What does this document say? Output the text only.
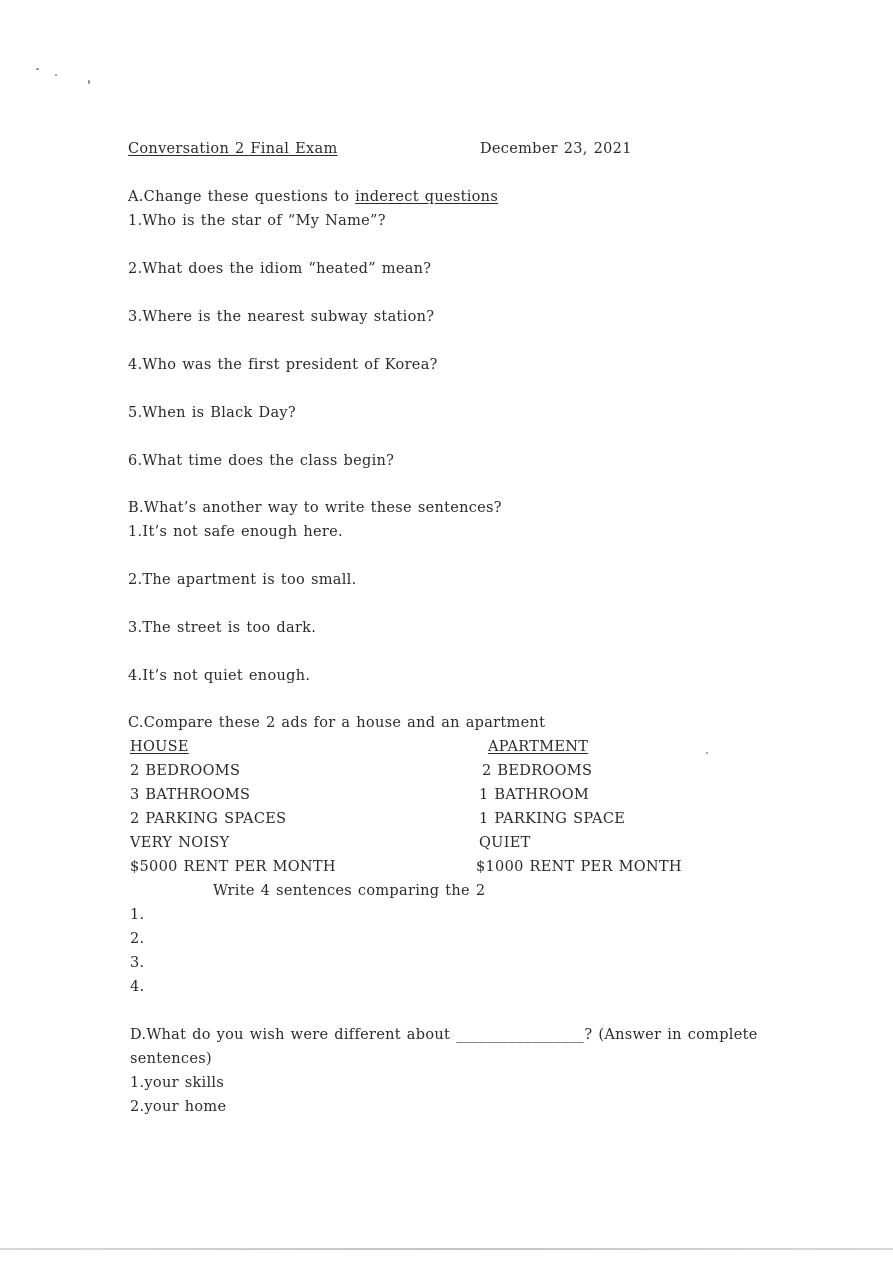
Conversation 2 Final Exam	December 23, 2021
A.Change these questions to inderect questions
1.Who is the star of “My Name”?
2.What does the idiom “heated” mean?
3.Where is the nearest subway station?
4.Who was the first president of Korea?
5.When is Black Day?
6.What time does the class begin?
B.What’s another way to write these sentences?
1.It’s not safe enough here.
2.The apartment is too small.
3.The street is too dark.
4.It’s not quiet enough.
C.Compare these 2 ads for a house and an apartment
HOUSE	APARTMENT
2 BEDROOMS
3 BATHROOMS
2 PARKING SPACES
VERY NOISY
$5000 RENT PER MONTH
2 BEDROOMS
1 BATHROOM
1 PARKING SPACE
QUIET
$1000 RENT PER MONTH
Write 4 sentences comparing the 2
1.
2.
3.
4.
D.What do you wish were different about _________________? (Answer in complete
sentences)
1.your skills
2.your home
